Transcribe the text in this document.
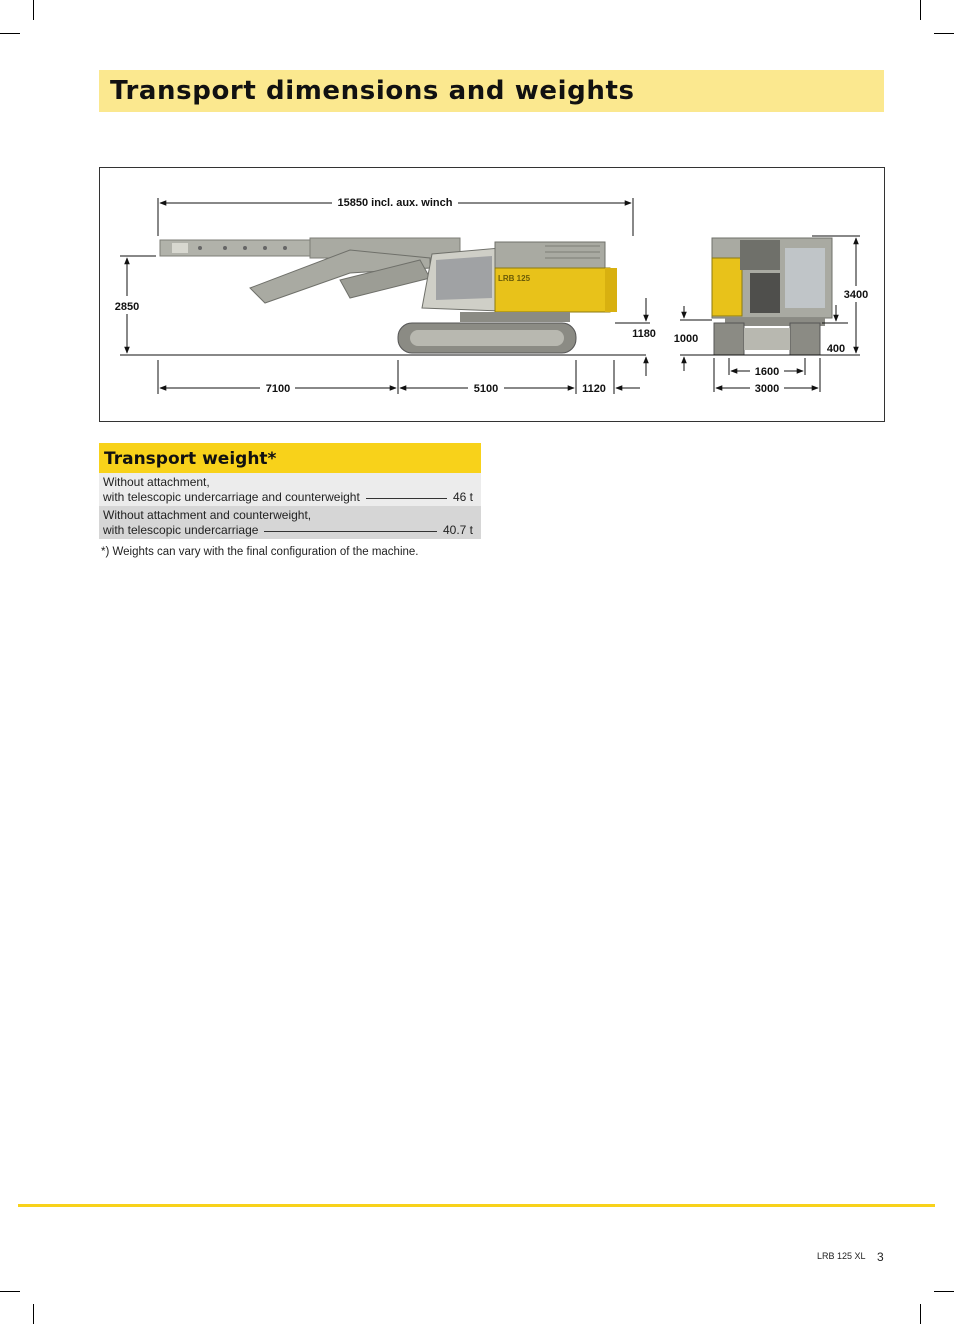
Transport dimensions and weights
LRB 125
15850 incl. aux. winch
2850
1180
7100	5100	1120
3400
400
1000
1600
3000
Transport weight*
Without attachment,
with telescopic undercarriage and counterweight	46 t
Without attachment and counterweight,
with telescopic undercarriage	40.7 t
*) Weights can vary with the final configuration of the machine.
LRB 125 XL 3
